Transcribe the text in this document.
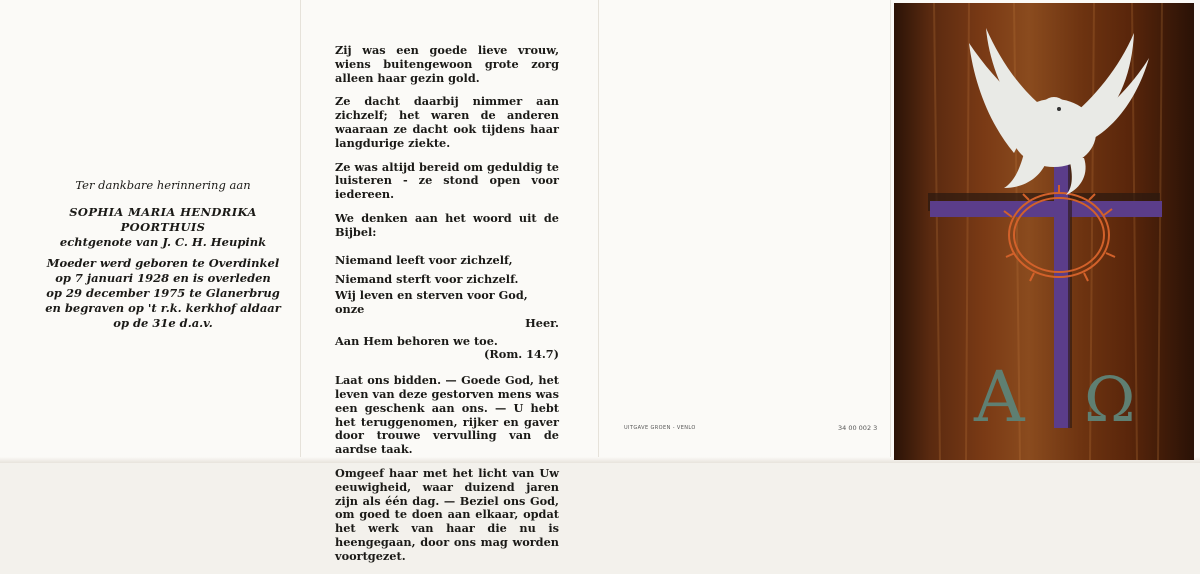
Ter dankbare herinnering aan
SOPHIA MARIA HENDRIKA
POORTHUIS
echtgenote van J. C. H. Heupink
Moeder werd geboren te Overdinkel
op 7 januari 1928 en is overleden
op 29 december 1975 te Glanerbrug
en begraven op 't r.k. kerkhof aldaar
op de 31e d.a.v.

Zij was een goede lieve vrouw, wiens buitengewoon grote zorg alleen haar gezin gold.

Ze dacht daarbij nimmer aan zichzelf; het waren de anderen waaraan ze dacht ook tijdens haar langdurige ziekte.

Ze was altijd bereid om geduldig te luisteren - ze stond open voor iedereen.

We denken aan het woord uit de Bijbel:

Niemand leeft voor zichzelf,
Niemand sterft voor zichzelf.
Wij leven en sterven voor God, onze
Heer.
Aan Hem behoren we toe.
(Rom. 14.7)

Laat ons bidden. — Goede God, het leven van deze gestorven mens was een geschenk aan ons. — U hebt het teruggenomen, rijker en gaver door trouwe vervulling van de aardse taak.

Omgeef haar met het licht van Uw eeuwigheid, waar duizend jaren zijn als één dag. — Beziel ons God, om goed te doen aan elkaar, opdat het werk van haar die nu is heengegaan, door ons mag worden voortgezet.

UITGAVE GROEN - VENLO	34 00 002 3 A Ω
